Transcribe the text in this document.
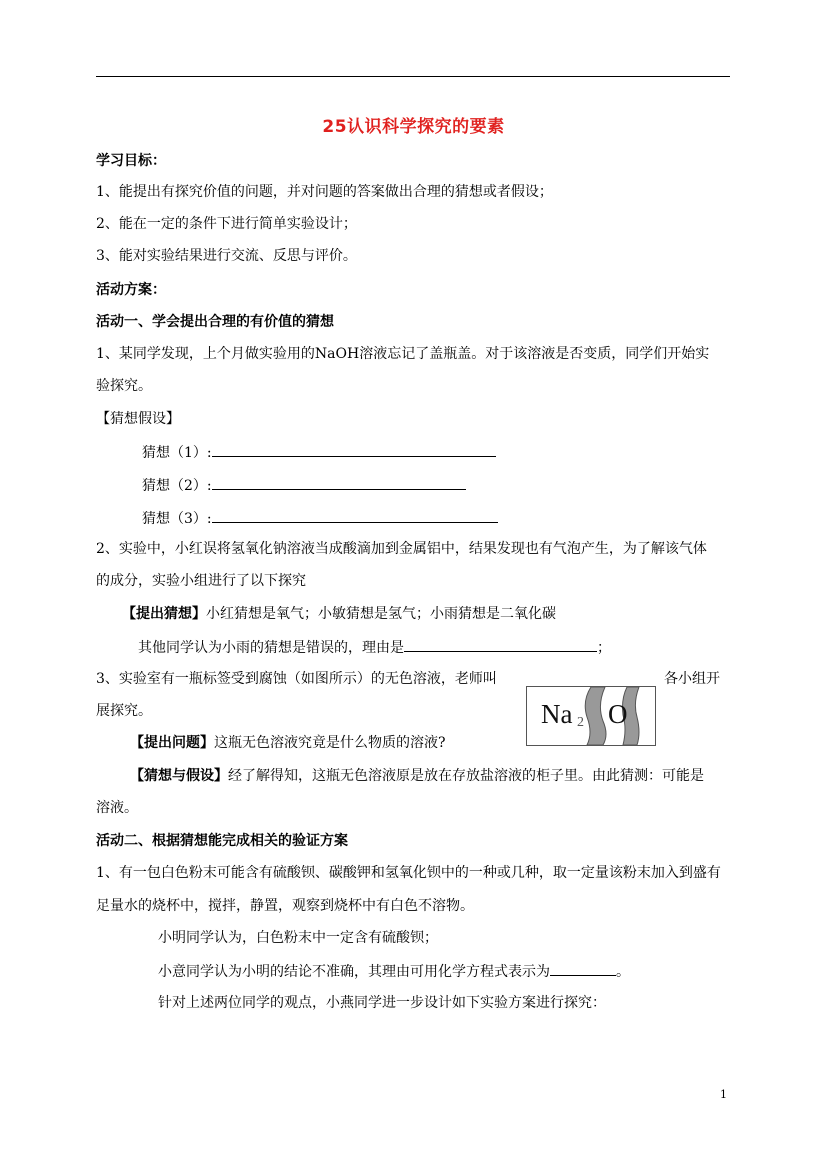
25认识科学探究的要素
学习目标：
1、能提出有探究价值的问题，并对问题的答案做出合理的猜想或者假设；
2、能在一定的条件下进行简单实验设计；
3、能对实验结果进行交流、反思与评价。
活动方案：
活动一、学会提出合理的有价值的猜想
1、某同学发现，上个月做实验用的NaOH溶液忘记了盖瓶盖。对于该溶液是否变质，同学们开始实
验探究。
【猜想假设】
猜想（1）:
猜想（2）:
猜想（3）:
2、实验中，小红误将氢氧化钠溶液当成酸滴加到金属铝中，结果发现也有气泡产生，为了解该气体
的成分，实验小组进行了以下探究
【提出猜想】小红猜想是氧气；小敏猜想是氢气；小雨猜想是二氧化碳
其他同学认为小雨的猜想是错误的，理由是	；
3、实验室有一瓶标签受到腐蚀（如图所示）的无色溶液，老师叫	各小组开
展探究。	Na 2 O
【提出问题】这瓶无色溶液究竟是什么物质的溶液?
【猜想与假设】经了解得知，这瓶无色溶液原是放在存放盐溶液的柜子里。由此猜测：可能是
溶液。
活动二、根据猜想能完成相关的验证方案
1、有一包白色粉末可能含有硫酸钡、碳酸钾和氢氧化钡中的一种或几种，取一定量该粉末加入到盛有
足量水的烧杯中，搅拌，静置，观察到烧杯中有白色不溶物。
小明同学认为，白色粉末中一定含有硫酸钡；
小意同学认为小明的结论不准确，其理由可用化学方程式表示为	。
针对上述两位同学的观点，小燕同学进一步设计如下实验方案进行探究：
1
